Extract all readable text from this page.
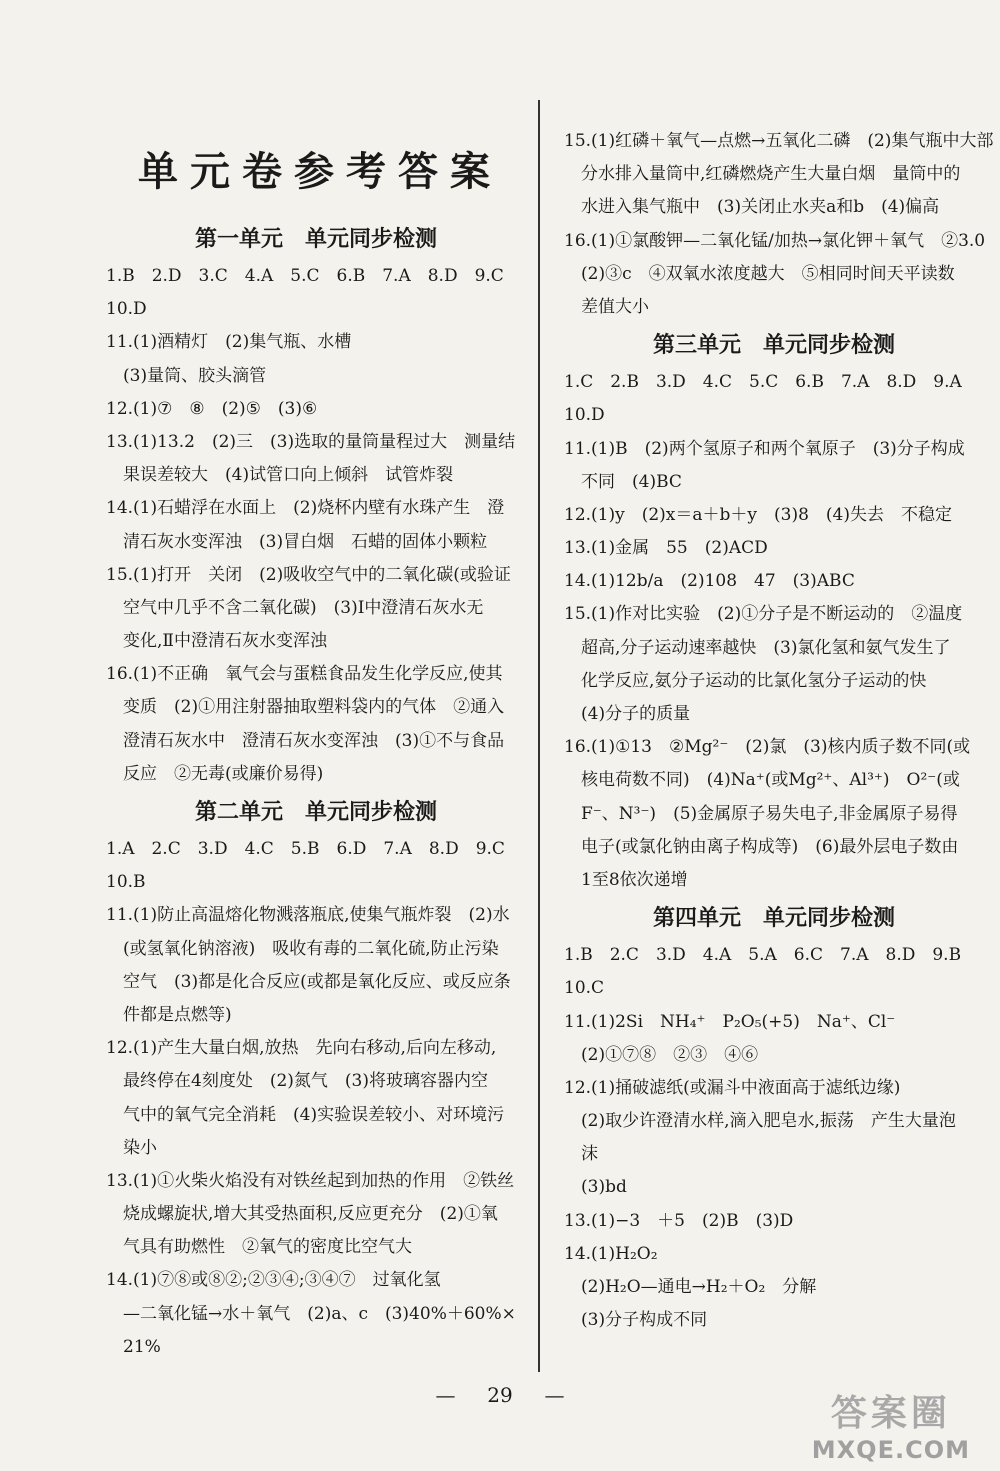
单元卷参考答案
第一单元　单元同步检测
1.B　2.D　3.C　4.A　5.C　6.B　7.A　8.D　9.C
10.D
11.(1)酒精灯　(2)集气瓶、水槽
　(3)量筒、胶头滴管
12.(1)⑦　⑧　(2)⑤　(3)⑥
13.(1)13.2　(2)三　(3)选取的量筒量程过大　测量结
　果误差较大　(4)试管口向上倾斜　试管炸裂
14.(1)石蜡浮在水面上　(2)烧杯内壁有水珠产生　澄
　清石灰水变浑浊　(3)冒白烟　石蜡的固体小颗粒
15.(1)打开　关闭　(2)吸收空气中的二氧化碳(或验证
　空气中几乎不含二氧化碳)　(3)Ⅰ中澄清石灰水无
　变化,Ⅱ中澄清石灰水变浑浊
16.(1)不正确　氧气会与蛋糕食品发生化学反应,使其
　变质　(2)①用注射器抽取塑料袋内的气体　②通入
　澄清石灰水中　澄清石灰水变浑浊　(3)①不与食品
　反应　②无毒(或廉价易得)
第二单元　单元同步检测
1.A　2.C　3.D　4.C　5.B　6.D　7.A　8.D　9.C
10.B
11.(1)防止高温熔化物溅落瓶底,使集气瓶炸裂　(2)水
　(或氢氧化钠溶液)　吸收有毒的二氧化硫,防止污染
　空气　(3)都是化合反应(或都是氧化反应、或反应条
　件都是点燃等)
12.(1)产生大量白烟,放热　先向右移动,后向左移动,
　最终停在4刻度处　(2)氮气　(3)将玻璃容器内空
　气中的氧气完全消耗　(4)实验误差较小、对环境污
　染小
13.(1)①火柴火焰没有对铁丝起到加热的作用　②铁丝
　烧成螺旋状,增大其受热面积,反应更充分　(2)①氧
　气具有助燃性　②氧气的密度比空气大
14.(1)⑦⑧或⑧②;②③④;③④⑦　过氧化氢
　—二氧化锰→水＋氧气　(2)a、c　(3)40%＋60%×
　21%
15.(1)红磷＋氧气—点燃→五氧化二磷　(2)集气瓶中大部
　分水排入量筒中,红磷燃烧产生大量白烟　量筒中的
　水进入集气瓶中　(3)关闭止水夹a和b　(4)偏高
16.(1)①氯酸钾—二氧化锰/加热→氯化钾＋氧气　②3.0
　(2)③c　④双氧水浓度越大　⑤相同时间天平读数
　差值大小
第三单元　单元同步检测
1.C　2.B　3.D　4.C　5.C　6.B　7.A　8.D　9.A
10.D
11.(1)B　(2)两个氢原子和两个氧原子　(3)分子构成
　不同　(4)BC
12.(1)y　(2)x＝a＋b＋y　(3)8　(4)失去　不稳定
13.(1)金属　55　(2)ACD
14.(1)12b/a　(2)108　47　(3)ABC
15.(1)作对比实验　(2)①分子是不断运动的　②温度
　超高,分子运动速率越快　(3)氯化氢和氨气发生了
　化学反应,氨分子运动的比氯化氢分子运动的快
　(4)分子的质量
16.(1)①13　②Mg²⁻　(2)氯　(3)核内质子数不同(或
　核电荷数不同)　(4)Na⁺(或Mg²⁺、Al³⁺)　O²⁻(或
　F⁻、N³⁻)　(5)金属原子易失电子,非金属原子易得
　电子(或氯化钠由离子构成等)　(6)最外层电子数由
　1至8依次递增
第四单元　单元同步检测
1.B　2.C　3.D　4.A　5.A　6.C　7.A　8.D　9.B
10.C
11.(1)2Si　NH₄⁺　P₂O₅(+5)　Na⁺、Cl⁻
　(2)①⑦⑧　②③　④⑥
12.(1)捅破滤纸(或漏斗中液面高于滤纸边缘)
　(2)取少许澄清水样,滴入肥皂水,振荡　产生大量泡
　沫
　(3)bd
13.(1)−3　＋5　(2)B　(3)D
14.(1)H₂O₂
　(2)H₂O—通电→H₂＋O₂　分解
　(3)分子构成不同
— 29 —	答案圈
MXQE.COM
